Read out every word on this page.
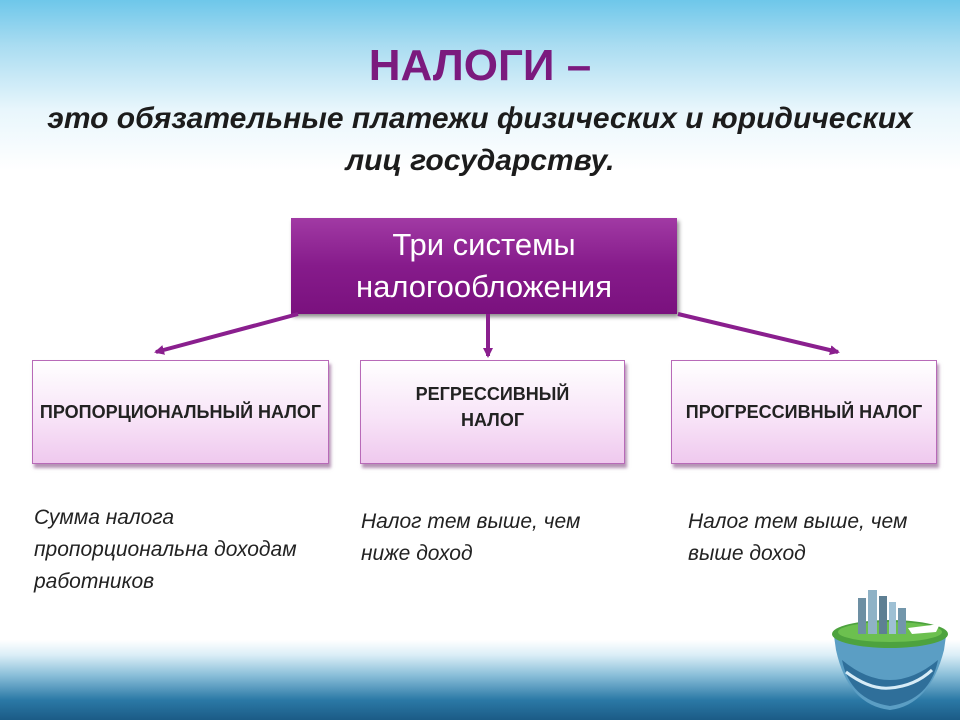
НАЛОГИ –
это обязательные платежи физических и юридических лиц государству.
Три системы налогообложения
ПРОПОРЦИОНАЛЬНЫЙ НАЛОГ
РЕГРЕССИВНЫЙ НАЛОГ	ПРОГРЕССИВНЫЙ НАЛОГ
Сумма налога пропорциональна доходам работников
Налог тем выше, чем ниже доход
Налог тем выше, чем выше доход
